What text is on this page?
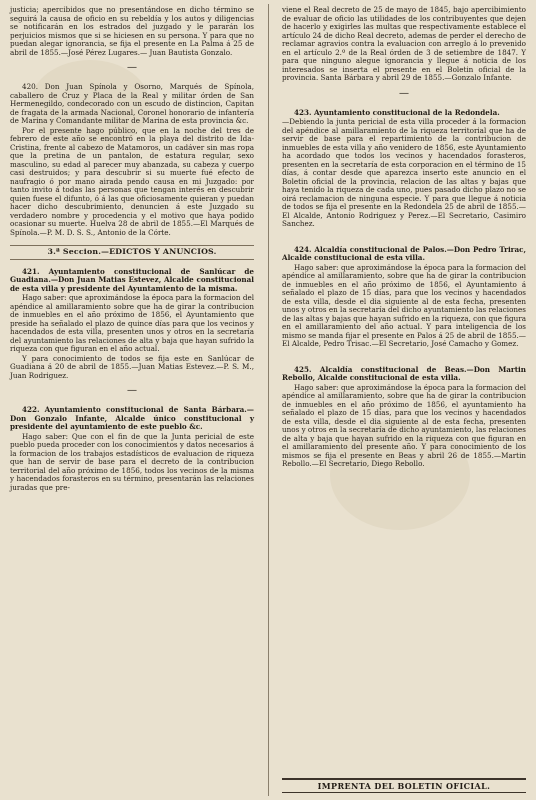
justicia; apercibidos que no presentándose en dicho término se seguirá la causa de oficio en su rebeldía y los autos y diligencias se notificarán en los estrados del juzgado y le pararán los perjuicios mismos que si se hiciesen en su persona. Y para que no puedan alegar ignorancia, se fija el presente en La Palma á 25 de abril de 1855.—José Pérez Lugares.— Juan Bautista Gonzalo.

—

420. Don Juan Spínola y Osorno, Marqués de Spínola, caballero de Cruz y Placa de la Real y militar órden de San Hermenegildo, condecorado con un escudo de distincion, Capitan de fragata de la armada Nacional, Coronel honorario de infantería de Marina y Comandante militar de Marina de esta provincia &c.

Por el presente hago público, que en la noche del tres de febrero de este año se encontró en la playa del distrito de Ida-Cristina, frente al cabezo de Matamoros, un cadáver sin mas ropa que la pretina de un pantalon, de estatura regular, sexo masculino, su edad al parecer muy abanzada, su cabeza y cuerpo casi destruidos; y para descubrir si su muerte fué efecto de naufragio ó por mano airada pendo causa en mi Juzgado: por tanto invito á todas las personas que tengan interés en descubrir quien fuese el difunto, ó á las que oficiosamente quieran y puedan hacer dicho descubrimiento, denuncien á este Juzgado su verdadero nombre y procedencia y el motivo que haya podido ocasionar su muerte. Huelva 28 de abril de 1855.—El Marqués de Spínola.—P. M. D. S. S., Antonio de la Córte.

3.ª Seccion.—EDICTOS Y ANUNCIOS.

421. Ayuntamiento constitucional de Sanlúcar de Guadiana.—Don Juan Matias Estevez, Alcalde constitucional de esta villa y presidente del Ayuntamiento de la misma.

Hago saber: que aproximándose la época para la formacion del apéndice al amillaramiento sobre que ha de girar la contribucion de inmuebles en el año próximo de 1856, el Ayuntamiento que preside ha señalado el plazo de quince días para que los vecinos y hacendados de esta villa, presenten unos y otros en la secretaría del ayuntamiento las relaciones de alta y baja que hayan sufrido la riqueza con que figuran en el año actual.

Y para conocimiento de todos se fija este en Sanlúcar de Guadiana á 20 de abril de 1855.—Juan Matias Estevez.—P. S. M., Juan Rodriguez.

—

422. Ayuntamiento constitucional de Santa Bárbara.—Don Gonzalo Infante, Alcalde único constitucional y presidente del ayuntamiento de este pueblo &c.

Hago saber: Que con el fin de que la Junta pericial de este pueblo pueda proceder con los conocimientos y datos necesarios á la formacion de los trabajos estadísticos de evaluacion de riqueza que han de servir de base para el decreto de la contribucion territorial del año próximo de 1856, todos los vecinos de la misma y hacendados forasteros en su término, presentarán las relaciones juradas que pre-

viene el Real decreto de 25 de mayo de 1845, bajo apercibimiento de evaluar de oficio las utilidades de los contribuyentes que dejen de hacerlo y exigirles las multas que respectivamente establece el artículo 24 de dicho Real decreto, ademas de perder el derecho de reclamar agravios contra la evaluacion con arreglo á lo prevenido en el artículo 2.º de la Real órden de 3 de setiembre de 1847. Y para que ninguno alegue ignorancia y llegue á noticia de los interesados se inserta el presente en el Boletin oficial de la provincia. Santa Bárbara y abril 29 de 1855.—Gonzalo Infante.

—

423. Ayuntamiento constitucional de la Redondela.

—Debiendo la junta pericial de esta villa proceder á la formacion del apéndice al amillaramiento de la riqueza territorial que ha de servir de base para el repartimiento de la contribucion de inmuebles de esta villa y año venidero de 1856, este Ayuntamiento ha acordado que todos los vecinos y hacendados forasteros, presenten en la secretaría de esta corporacion en el término de 15 días, á contar desde que aparezca inserto este anuncio en el Boletin oficial de la provincia, relacion de las altas y bajas que haya tenido la riqueza de cada uno, pues pasado dicho plazo no se oirá reclamacion de ninguna especie. Y para que llegue á noticia de todos se fija el presente en la Redondela 25 de abril de 1855.—El Alcalde, Antonio Rodriguez y Perez.—El Secretario, Casimiro Sanchez.

424. Alcaldía constitucional de Palos.—Don Pedro Trirac, Alcalde constitucional de esta villa.

Hago saber: que aproximándose la época para la formacion del apéndice al amillaramiento, sobre que ha de girar la contribucion de inmuebles en el año próximo de 1856, el Ayuntamiento á señalado el plazo de 15 días, para que los vecinos y hacendados de esta villa, desde el dia siguiente al de esta fecha, presenten unos y otros en la secretaría del dicho ayuntamiento las relaciones de las altas y bajas que hayan sufrido en la riqueza, con que figura en el amillaramiento del año actual. Y para inteligencia de los mismo se manda fijar el presente en Palos á 25 de abril de 1855.—El Alcalde, Pedro Trisac.—El Secretario, José Camacho y Gomez.

425. Alcaldía constitucional de Beas.—Don Martin Rebollo, Alcalde constitucional de esta villa.

Hago saber: que aproximándose la época para la formacion del apéndice al amillaramiento, sobre que ha de girar la contribucion de inmuebles en el año próximo de 1856, el ayuntamiento ha señalado el plazo de 15 días, para que los vecinos y hacendados de esta villa, desde el dia siguiente al de esta fecha, presenten unos y otros en la secretaría de dicho ayuntamiento, las relaciones de alta y baja que hayan sufrido en la riqueza con que figuran en el amillaramiento del presente año. Y para conocimiento de los mismos se fija el presente en Beas y abril 26 de 1855.—Martin Rebollo.—El Secretario, Diego Rebollo.

IMPRENTA DEL BOLETIN OFICIAL.
